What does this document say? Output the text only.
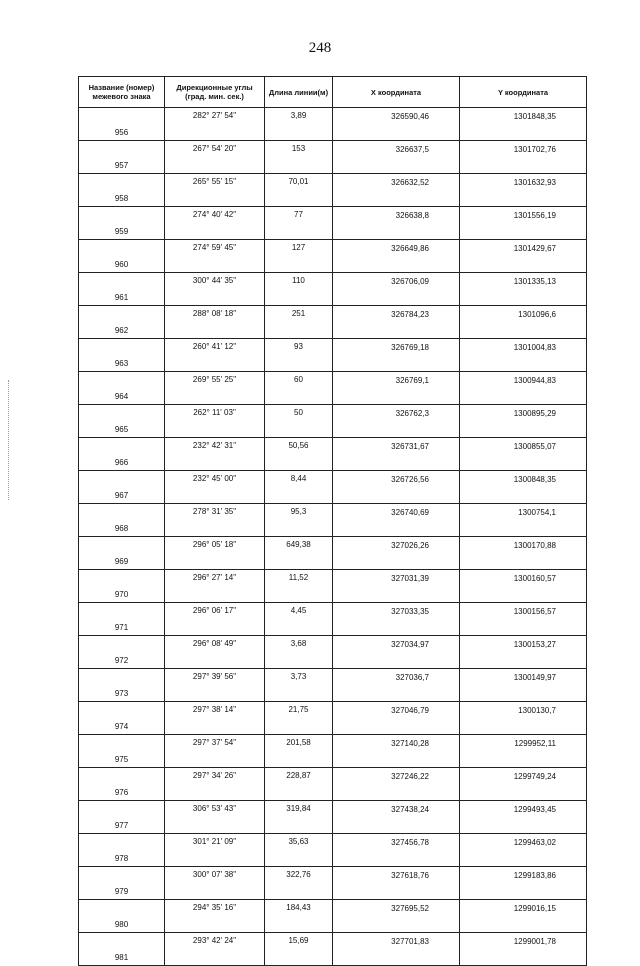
248
Название (номер) межевого знака	Дирекционные углы (град. мин. сек.)	Длина линии(м)	Х координата	Y координата
956	282° 27' 54"	3,89	326590,46	1301848,35

957	267° 54' 20"	153	326637,5	1301702,76

958	265° 55' 15"	70,01	326632,52	1301632,93

959	274° 40' 42"	77	326638,8	1301556,19

960	274° 59' 45"	127	326649,86	1301429,67

961	300° 44' 35"	110	326706,09	1301335,13

962	288° 08' 18"	251	326784,23	1301096,6

963	260° 41' 12"	93	326769,18	1301004,83

964	269° 55' 25"	60	326769,1	1300944,83

965	262° 11' 03"	50	326762,3	1300895,29

966	232° 42' 31"	50,56	326731,67	1300855,07

967	232° 45' 00"	8,44	326726,56	1300848,35

968	278° 31' 35"	95,3	326740,69	1300754,1

969	296° 05' 18"	649,38	327026,26	1300170,88

970	296° 27' 14"	11,52	327031,39	1300160,57

971	296° 06' 17"	4,45	327033,35	1300156,57

972	296° 08' 49"	3,68	327034,97	1300153,27

973	297° 39' 56"	3,73	327036,7	1300149,97

974	297° 38' 14"	21,75	327046,79	1300130,7

975	297° 37' 54"	201,58	327140,28	1299952,11

976	297° 34' 26"	228,87	327246,22	1299749,24

977	306° 53' 43"	319,84	327438,24	1299493,45

978	301° 21' 09"	35,63	327456,78	1299463,02

979	300° 07' 38"	322,76	327618,76	1299183,86

980	294° 35' 16"	184,43	327695,52	1299016,15

981	293° 42' 24"	15,69	327701,83	1299001,78
